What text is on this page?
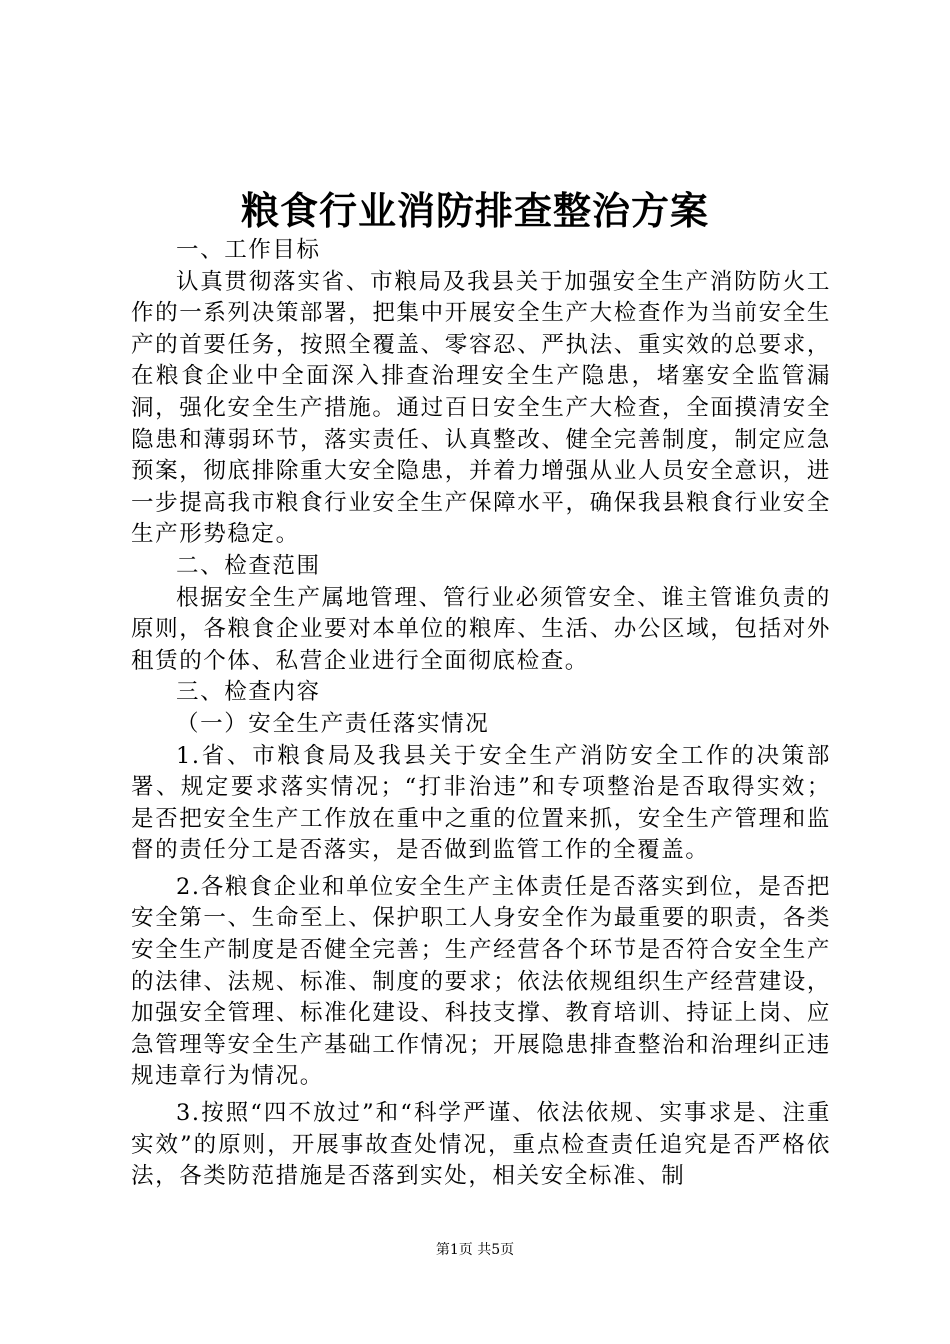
粮食行业消防排查整治方案

一、工作目标

认真贯彻落实省、市粮局及我县关于加强安全生产消防防火工作的一系列决策部署，把集中开展安全生产大检查作为当前安全生产的首要任务，按照全覆盖、零容忍、严执法、重实效的总要求，在粮食企业中全面深入排查治理安全生产隐患，堵塞安全监管漏洞，强化安全生产措施。通过百日安全生产大检查，全面摸清安全隐患和薄弱环节，落实责任、认真整改、健全完善制度，制定应急预案，彻底排除重大安全隐患，并着力增强从业人员安全意识，进一步提高我市粮食行业安全生产保障水平，确保我县粮食行业安全生产形势稳定。

二、检查范围

根据安全生产属地管理、管行业必须管安全、谁主管谁负责的原则，各粮食企业要对本单位的粮库、生活、办公区域，包括对外租赁的个体、私营企业进行全面彻底检查。

三、检查内容

（一）安全生产责任落实情况

1.省、市粮食局及我县关于安全生产消防安全工作的决策部署、规定要求落实情况；“打非治违”和专项整治是否取得实效；是否把安全生产工作放在重中之重的位置来抓，安全生产管理和监督的责任分工是否落实，是否做到监管工作的全覆盖。

2.各粮食企业和单位安全生产主体责任是否落实到位，是否把安全第一、生命至上、保护职工人身安全作为最重要的职责，各类安全生产制度是否健全完善；生产经营各个环节是否符合安全生产的法律、法规、标准、制度的要求；依法依规组织生产经营建设，加强安全管理、标准化建设、科技支撑、教育培训、持证上岗、应急管理等安全生产基础工作情况；开展隐患排查整治和治理纠正违规违章行为情况。

3.按照“四不放过”和“科学严谨、依法依规、实事求是、注重实效”的原则，开展事故查处情况，重点检查责任追究是否严格依法，各类防范措施是否落到实处，相关安全标准、制

第1页 共5页
